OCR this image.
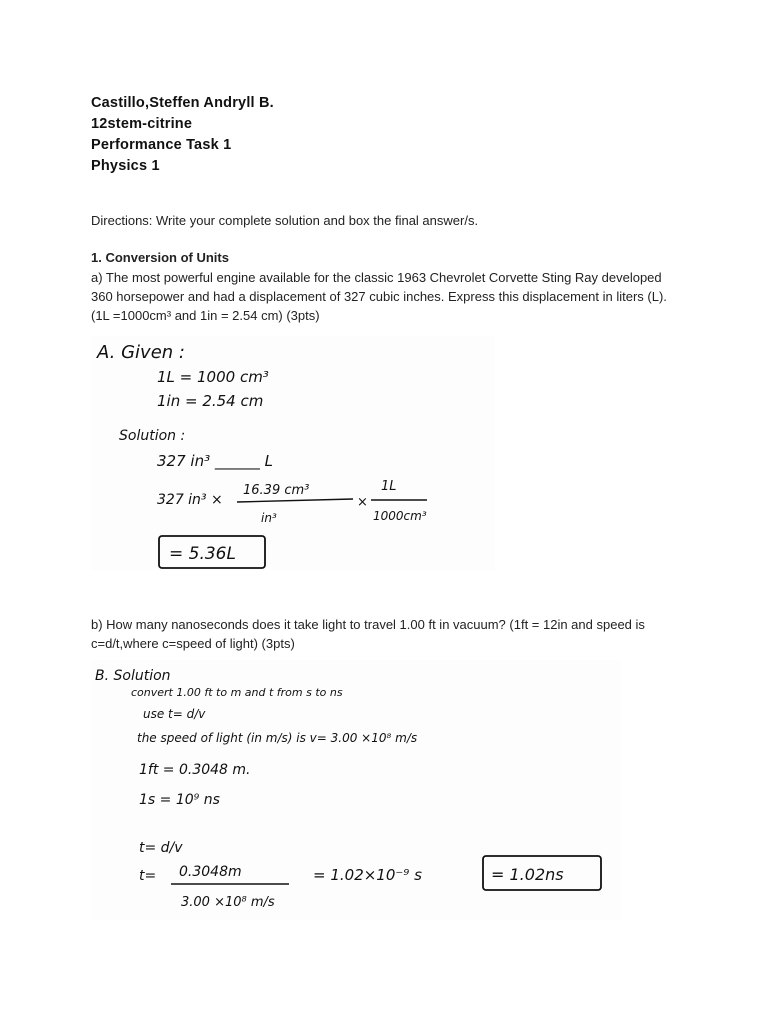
Castillo,Steffen Andryll B.
12stem-citrine
Performance Task 1
Physics 1
Directions: Write your complete solution and box the final answer/s.
1. Conversion of Units
a) The most powerful engine available for the classic 1963 Chevrolet Corvette Sting Ray developed 360 horsepower and had a displacement of 327 cubic inches. Express this displacement in liters (L). (1L =1000cm³ and 1in = 2.54 cm) (3pts)
A. Given :
1L = 1000 cm³
1in = 2.54 cm
Solution :
327 in³ ______ L
327 in³ ×
16.39 cm³
in³
×
1L
1000cm³
= 5.36L
b) How many nanoseconds does it take light to travel 1.00 ft in vacuum? (1ft = 12in and speed is c=d/t,where c=speed of light) (3pts)
B. Solution
convert 1.00 ft to m and t from s to ns
use t= d/v
the speed of light (in m/s) is v= 3.00 ×10⁸ m/s
1ft = 0.3048 m.
1s = 10⁹ ns
t= d/v
t= 0.3048m
3.00 ×10⁸ m/s
= 1.02×10⁻⁹ s	= 1.02ns
